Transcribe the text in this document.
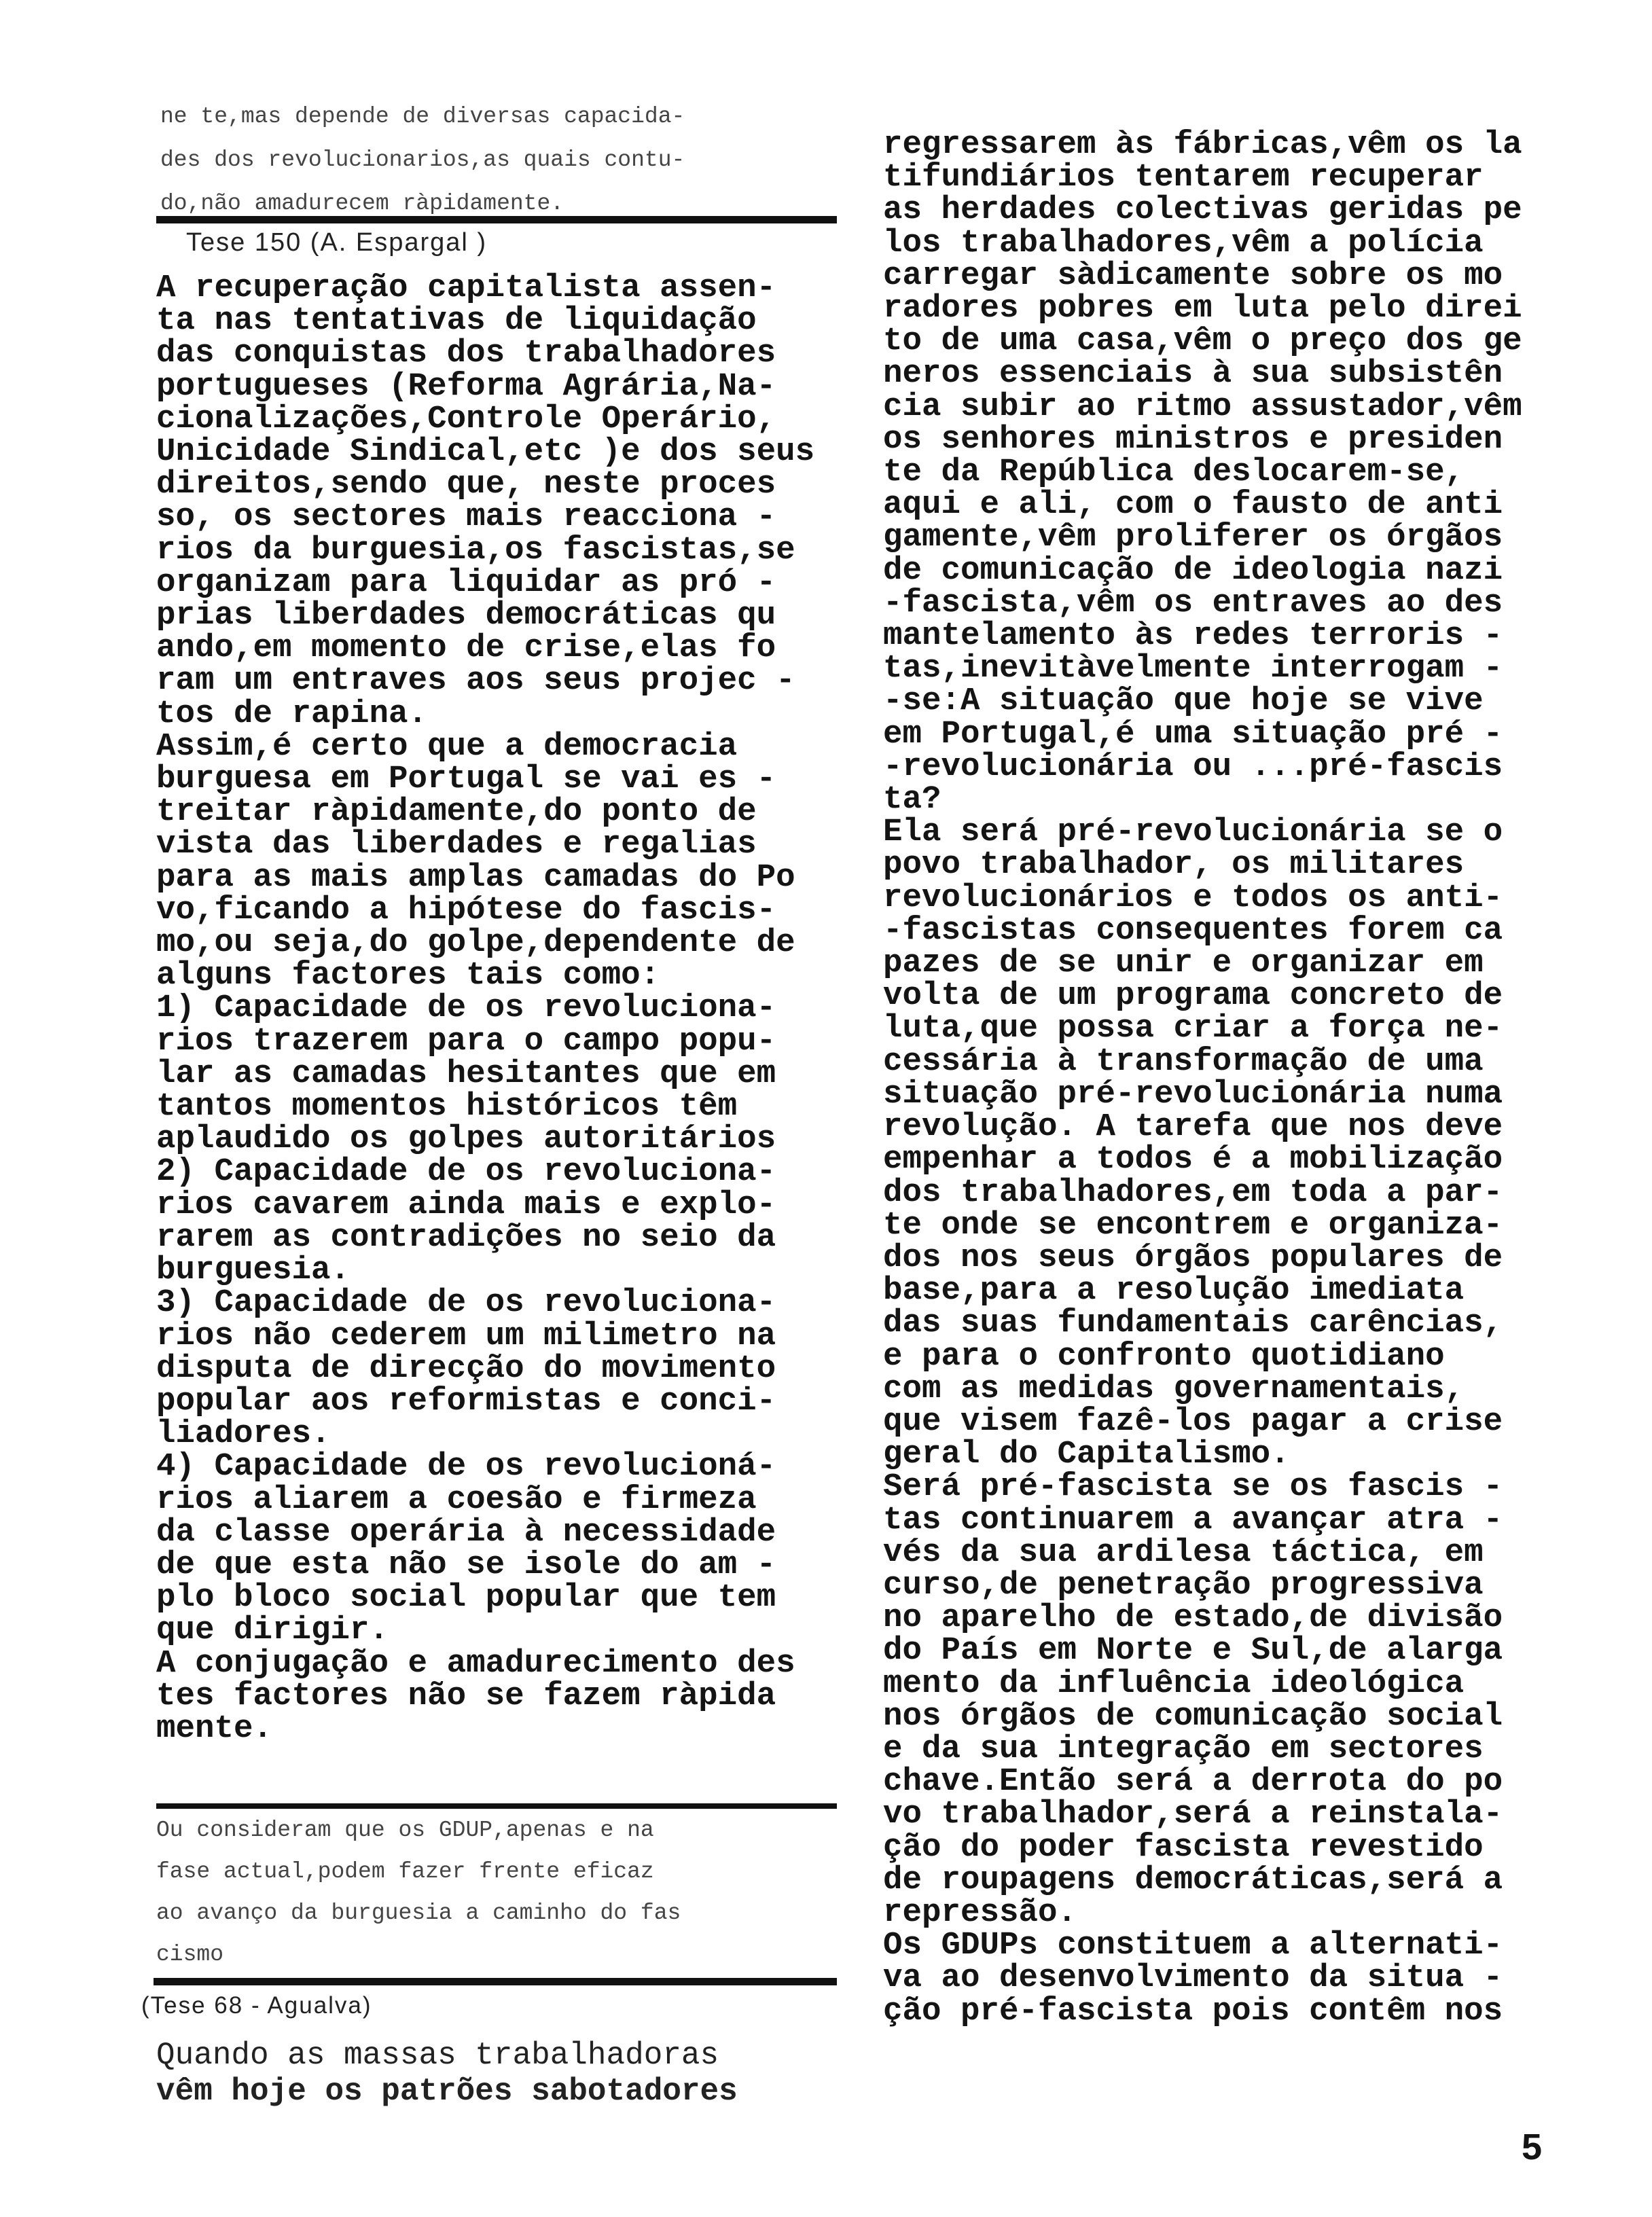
ne te,mas depende de diversas capacida-
des dos revolucionarios,as quais contu-
do,não amadurecem ràpidamente.
Tese 150 (A. Espargal )

A recuperação capitalista assen-

ta nas tentativas de liquidação

das conquistas dos trabalhadores

portugueses (Reforma Agrária,Na-

cionalizações,Controle Operário,

Unicidade Sindical,etc )e dos seus

direitos,sendo que, neste proces

so, os sectores mais reacciona -

rios da burguesia,os fascistas,se

organizam para liquidar as pró -

prias liberdades democráticas qu

ando,em momento de crise,elas fo

ram um entraves aos seus projec -

tos de rapina.

Assim,é certo que a democracia

burguesa em Portugal se vai es -

treitar ràpidamente,do ponto de

vista das liberdades e regalias

para as mais amplas camadas do Po

vo,ficando a hipótese do fascis-

mo,ou seja,do golpe,dependente de

alguns factores tais como:

1) Capacidade de os revoluciona-

rios trazerem para o campo popu-

lar as camadas hesitantes que em

tantos momentos históricos têm

aplaudido os golpes autoritários

2) Capacidade de os revoluciona-

rios cavarem ainda mais e explo-

rarem as contradições no seio da

burguesia.

3) Capacidade de os revoluciona-

rios não cederem um milimetro na

disputa de direcção do movimento

popular aos reformistas e conci-

liadores.

4) Capacidade de os revolucioná-

rios aliarem a coesão e firmeza

da classe operária à necessidade

de que esta não se isole do am -

plo bloco social popular que tem

que dirigir.

A conjugação e amadurecimento des

tes factores não se fazem ràpida

mente.

Ou consideram que os GDUP,apenas e na
fase actual,podem fazer frente eficaz
ao avanço da burguesia a caminho do fas
cismo
(Tese 68 - Agualva)
Quando as massas trabalhadoras
vêm hoje os patrões sabotadores

regressarem às fábricas,vêm os la

tifundiários tentarem recuperar

as herdades colectivas geridas pe

los trabalhadores,vêm a polícia

carregar sàdicamente sobre os mo

radores pobres em luta pelo direi

to de uma casa,vêm o preço dos ge

neros essenciais à sua subsistên

cia subir ao ritmo assustador,vêm

os senhores ministros e presiden

te da República deslocarem-se,

aqui e ali, com o fausto de anti

gamente,vêm proliferer os órgãos

de comunicação de ideologia nazi

-fascista,vêm os entraves ao des

mantelamento às redes terroris -

tas,inevitàvelmente interrogam -

-se:A situação que hoje se vive

em Portugal,é uma situação pré -

-revolucionária ou ...pré-fascis

ta?

Ela será pré-revolucionária se o

povo trabalhador, os militares

revolucionários e todos os anti-

-fascistas consequentes forem ca

pazes de se unir e organizar em

volta de um programa concreto de

luta,que possa criar a força ne-

cessária à transformação de uma

situação pré-revolucionária numa

revolução. A tarefa que nos deve

empenhar a todos é a mobilização

dos trabalhadores,em toda a par-

te onde se encontrem e organiza-

dos nos seus órgãos populares de

base,para a resolução imediata

das suas fundamentais carências,

e para o confronto quotidiano

com as medidas governamentais,

que visem fazê-los pagar a crise

geral do Capitalismo.

Será pré-fascista se os fascis -

tas continuarem a avançar atra -

vés da sua ardilesa táctica, em

curso,de penetração progressiva

no aparelho de estado,de divisão

do País em Norte e Sul,de alarga

mento da influência ideológica

nos órgãos de comunicação social

e da sua integração em sectores

chave.Então será a derrota do po

vo trabalhador,será a reinstala-

ção do poder fascista revestido

de roupagens democráticas,será a

repressão.

Os GDUPs constituem a alternati-

va ao desenvolvimento da situa -

ção pré-fascista pois contêm nos

5
